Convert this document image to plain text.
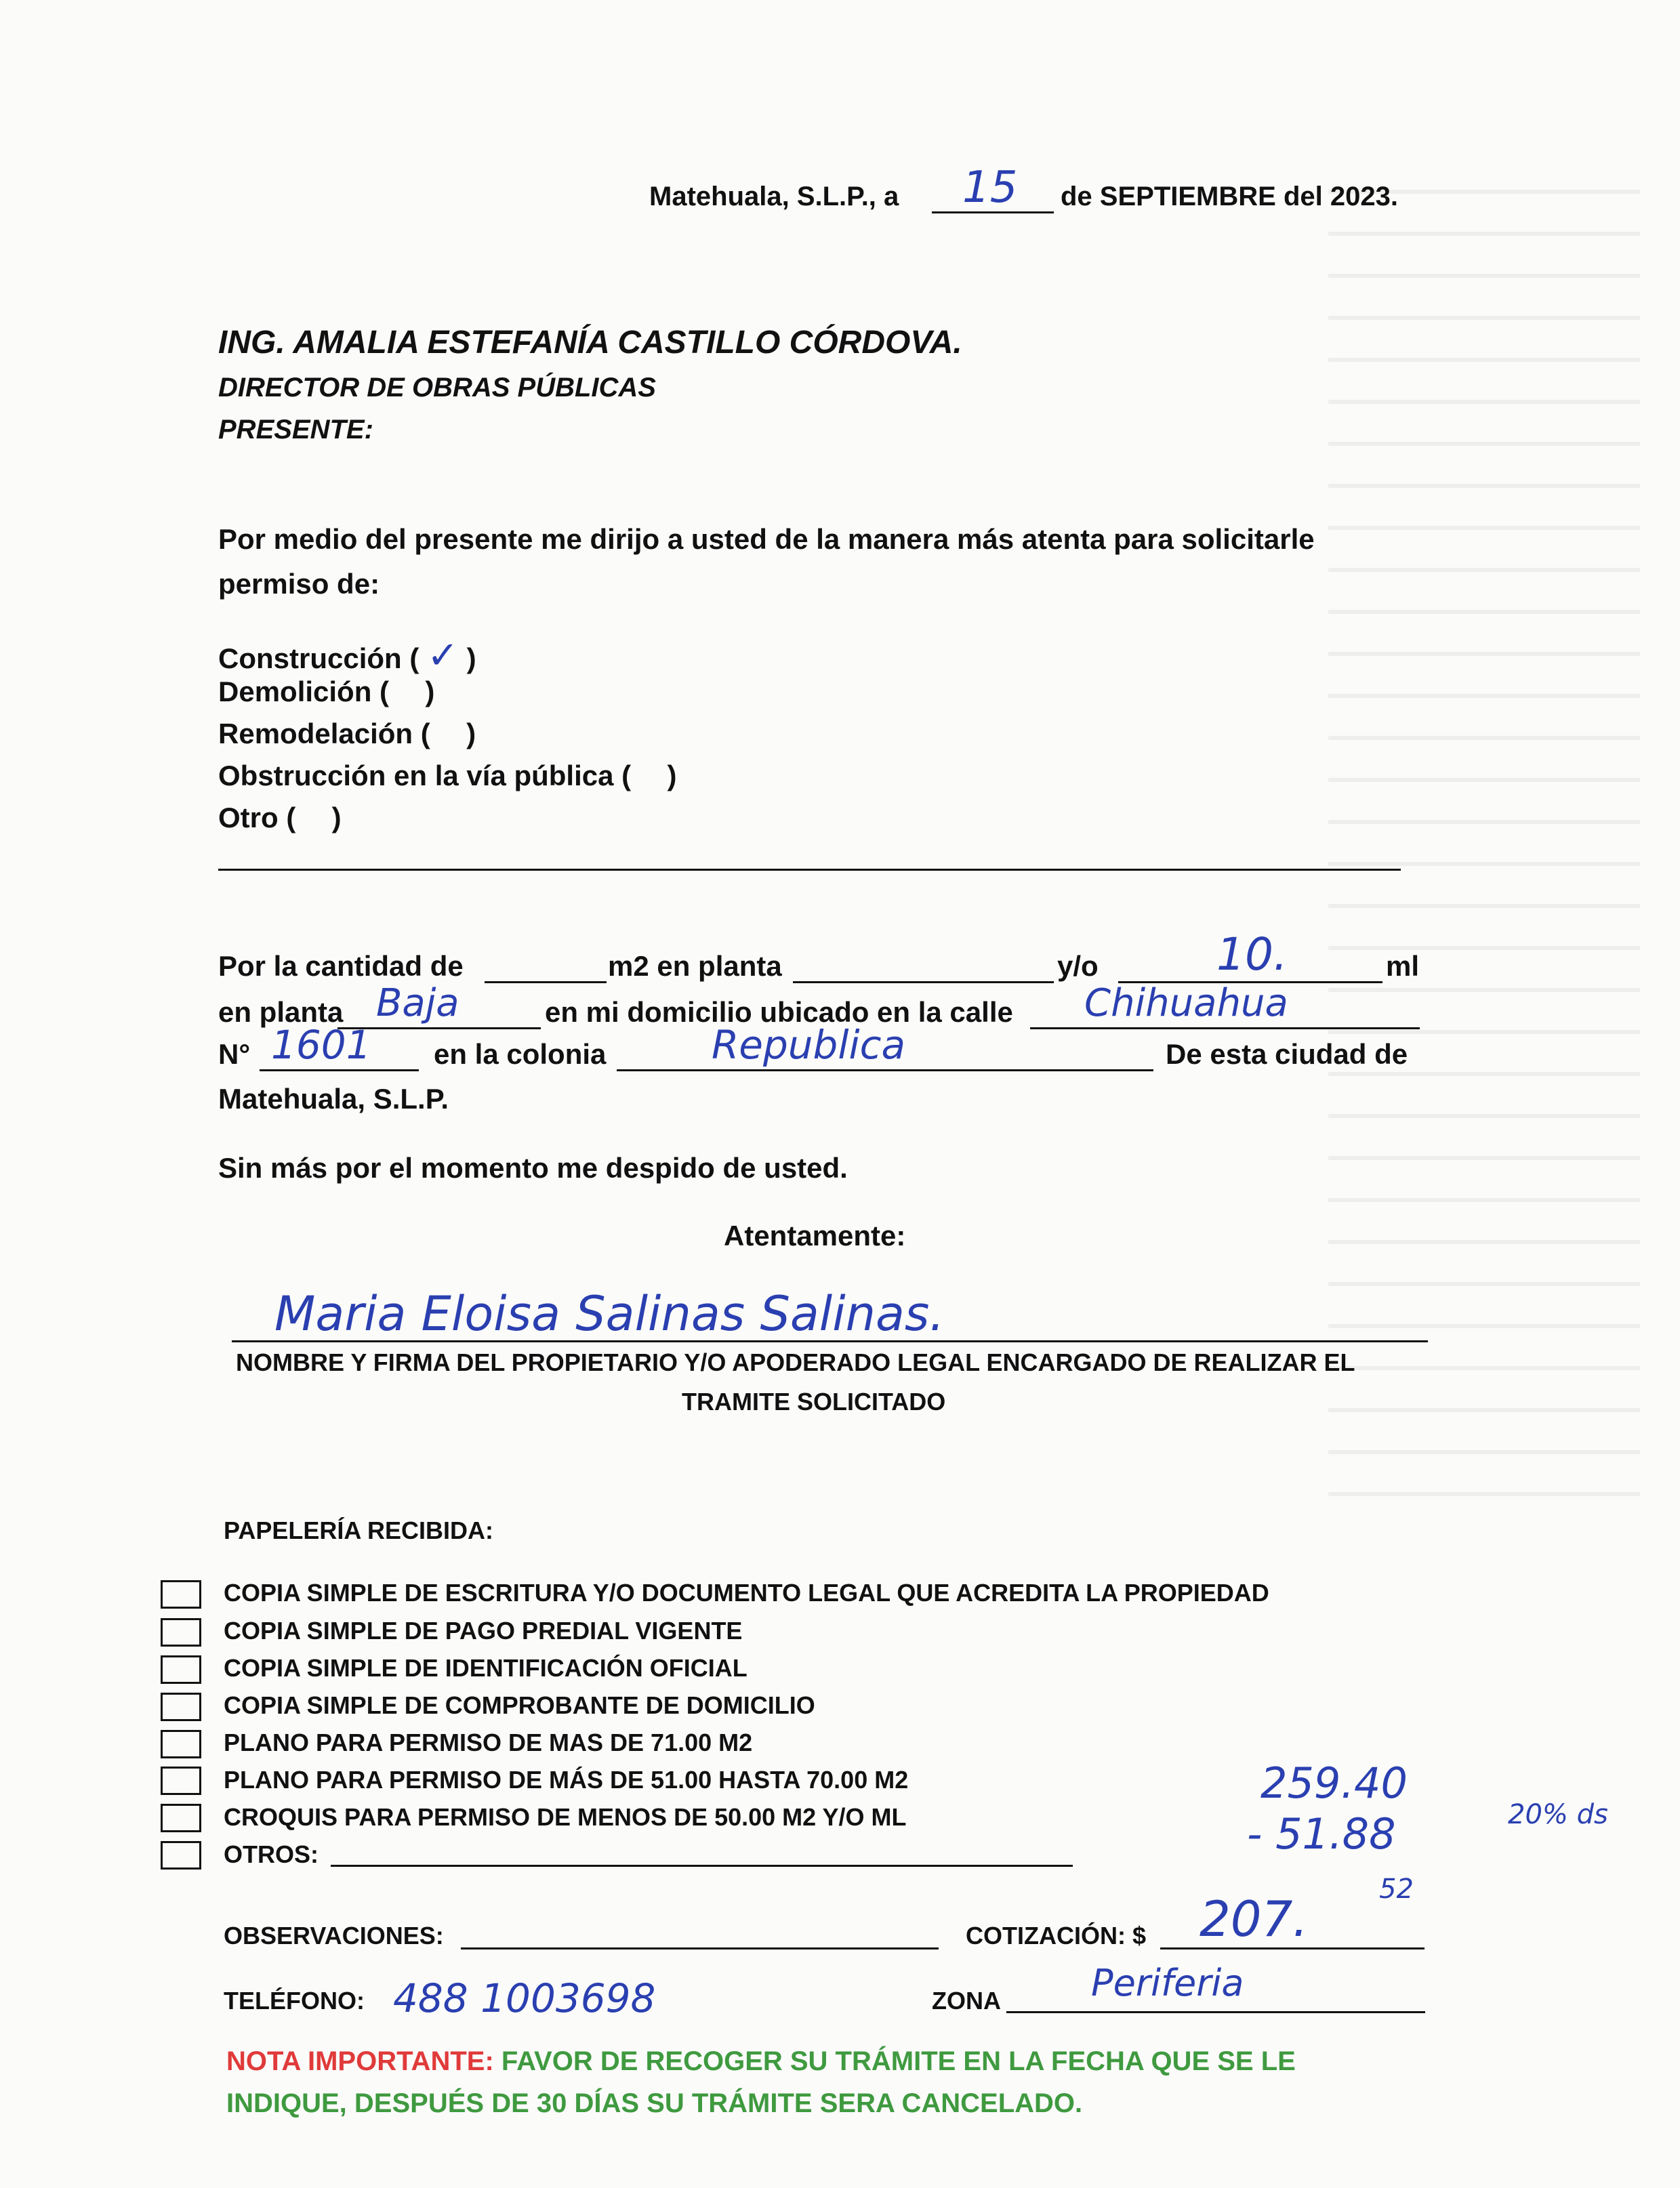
Matehuala, S.L.P., a 15 de SEPTIEMBRE del 2023.
ING. AMALIA ESTEFANÍA CASTILLO CÓRDOVA.
DIRECTOR DE OBRAS PÚBLICAS
PRESENTE:
Por medio del presente me dirijo a usted de la manera más atenta para solicitarle
permiso de:
Construcción ( ✓ )
Demolición ( )
Remodelación ( )
Obstrucción en la vía pública ( )
Otro ( )
Por la cantidad de	m2 en planta	y/o	10.	ml
en planta Baja	en mi domicilio ubicado en la calle Chihuahua
N° 1601 en la colonia	Republica	De esta ciudad de
Matehuala, S.L.P.
Sin más por el momento me despido de usted.
Atentamente:
Maria Eloisa Salinas Salinas.
NOMBRE Y FIRMA DEL PROPIETARIO Y/O APODERADO LEGAL ENCARGADO DE REALIZAR EL
TRAMITE SOLICITADO
PAPELERÍA RECIBIDA:
COPIA SIMPLE DE ESCRITURA Y/O DOCUMENTO LEGAL QUE ACREDITA LA PROPIEDAD
COPIA SIMPLE DE PAGO PREDIAL VIGENTE
COPIA SIMPLE DE IDENTIFICACIÓN OFICIAL
COPIA SIMPLE DE COMPROBANTE DE DOMICILIO
PLANO PARA PERMISO DE MAS DE 71.00 M2
PLANO PARA PERMISO DE MÁS DE 51.00 HASTA 70.00 M2
CROQUIS PARA PERMISO DE MENOS DE 50.00 M2 Y/O ML
OTROS:
259.40
- 51.88	20% ds
52
OBSERVACIONES:	COTIZACIÓN: $ 207.
TELÉFONO: 488 1003698	ZONA Periferia
NOTA IMPORTANTE: FAVOR DE RECOGER SU TRÁMITE EN LA FECHA QUE SE LE
INDIQUE, DESPUÉS DE 30 DÍAS SU TRÁMITE SERA CANCELADO.
